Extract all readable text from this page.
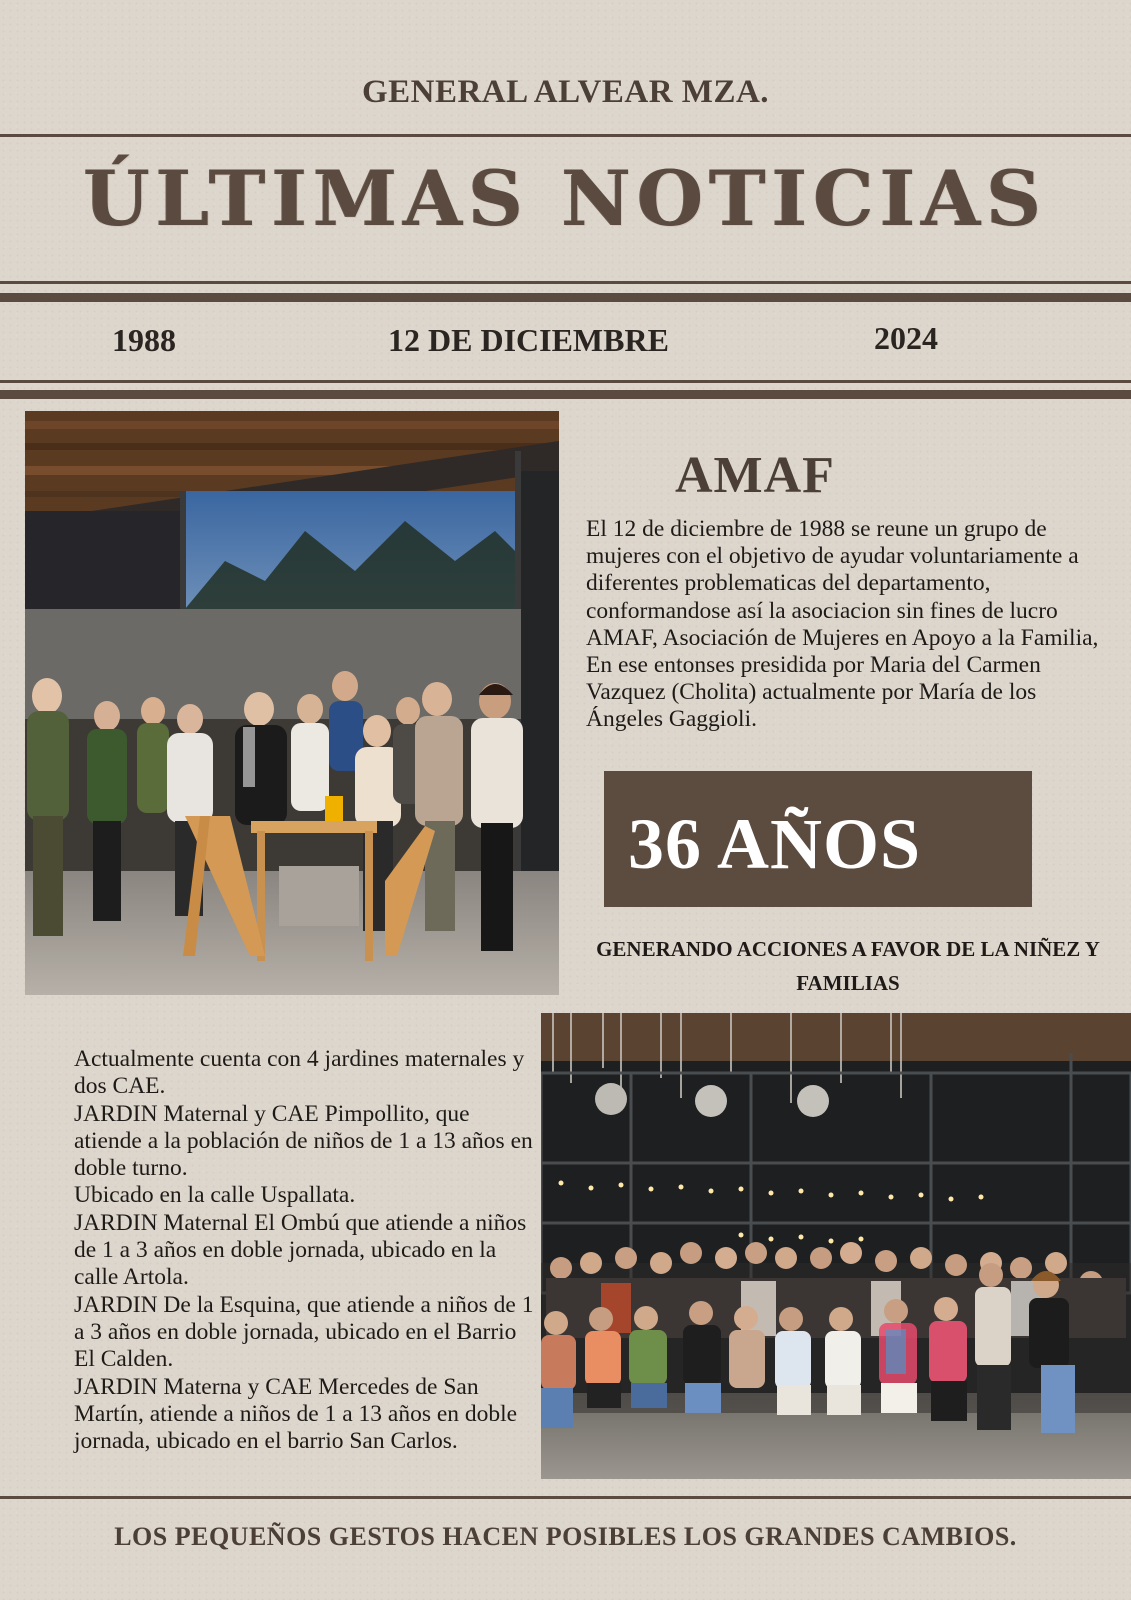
GENERAL ALVEAR MZA.
ÚLTIMAS NOTICIAS
1988	12 DE DICIEMBRE	2024
AMAF
El 12 de diciembre de 1988 se reune un grupo de mujeres con el objetivo de ayudar voluntariamente a diferentes problematicas del departamento, conformandose así la asociacion sin fines de lucro AMAF, Asociación de Mujeres en Apoyo a la Familia, En ese entonses presidida por Maria del Carmen Vazquez (Cholita) actualmente por María de los Ángeles Gaggioli.
36 AÑOS
GENERANDO ACCIONES A FAVOR DE LA NIÑEZ Y FAMILIAS

Actualmente cuenta con 4 jardines maternales y dos CAE.

JARDIN Maternal y CAE Pimpollito, que atiende a la población de niños de 1 a 13 años en doble turno.

Ubicado en la calle Uspallata.

JARDIN Maternal El Ombú que atiende a niños de 1 a 3 años en doble jornada, ubicado en la calle Artola.

JARDIN De la Esquina, que atiende a niños de 1 a 3 años en doble jornada, ubicado en el Barrio El Calden.

JARDIN Materna y CAE Mercedes de San Martín, atiende a niños de 1 a 13 años en doble jornada, ubicado en el barrio San Carlos.

LOS PEQUEÑOS GESTOS HACEN POSIBLES LOS GRANDES CAMBIOS.
